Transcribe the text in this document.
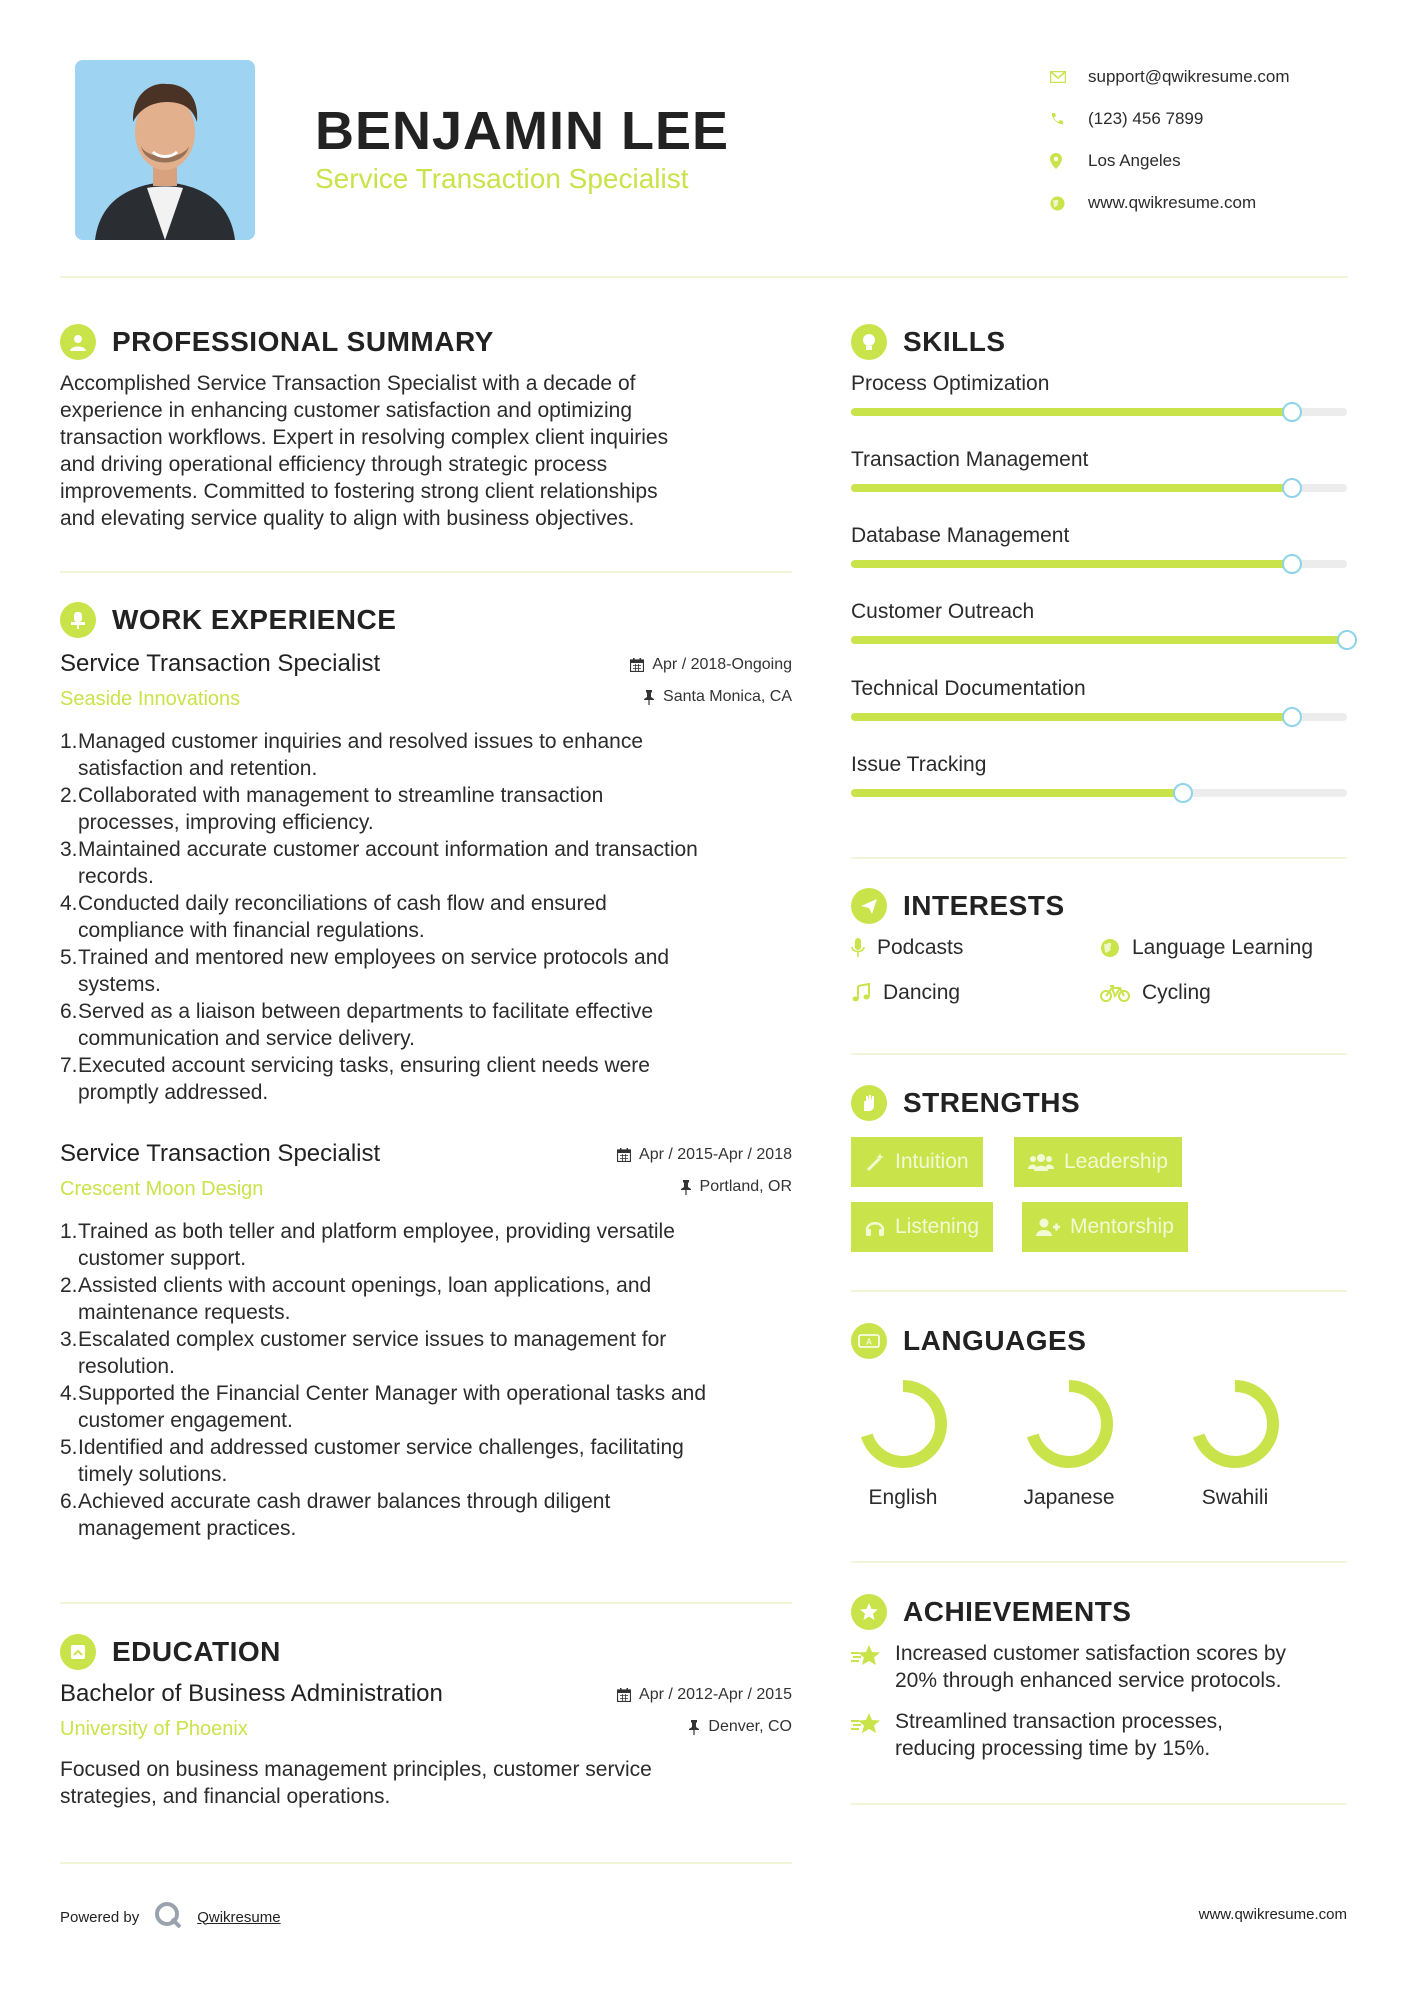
BENJAMIN LEE
Service Transaction Specialist
support@qwikresume.com
(123) 456 7899
Los Angeles
www.qwikresume.com
PROFESSIONAL SUMMARY
Accomplished Service Transaction Specialist with a decade of
experience in enhancing customer satisfaction and optimizing
transaction workflows. Expert in resolving complex client inquiries
and driving operational efficiency through strategic process
improvements. Committed to fostering strong client relationships
and elevating service quality to align with business objectives.
WORK EXPERIENCE
Service Transaction Specialist
Seaside Innovations
Apr / 2018-Ongoing
Santa Monica, CA
1. Managed customer inquiries and resolved issues to enhance
satisfaction and retention.
2. Collaborated with management to streamline transaction
processes, improving efficiency.
3. Maintained accurate customer account information and transaction
records.
4. Conducted daily reconciliations of cash flow and ensured
compliance with financial regulations.
5. Trained and mentored new employees on service protocols and
systems.
6. Served as a liaison between departments to facilitate effective
communication and service delivery.
7. Executed account servicing tasks, ensuring client needs were
promptly addressed.
Service Transaction Specialist
Crescent Moon Design
Apr / 2015-Apr / 2018
Portland, OR
1. Trained as both teller and platform employee, providing versatile
customer support.
2. Assisted clients with account openings, loan applications, and
maintenance requests.
3. Escalated complex customer service issues to management for
resolution.
4. Supported the Financial Center Manager with operational tasks and
customer engagement.
5. Identified and addressed customer service challenges, facilitating
timely solutions.
6. Achieved accurate cash drawer balances through diligent
management practices.
EDUCATION
Bachelor of Business Administration
University of Phoenix
Apr / 2012-Apr / 2015
Denver, CO
Focused on business management principles, customer service
strategies, and financial operations.
SKILLS
Process Optimization
Transaction Management
Database Management
Customer Outreach
Technical Documentation
Issue Tracking
INTERESTS
Podcasts	Language Learning
Dancing	Cycling
STRENGTHS
Intuition	Leadership
Listening	Mentorship
A LANGUAGES
English	Japanese	Swahili
ACHIEVEMENTS
Increased customer satisfaction scores by
20% through enhanced service protocols.
Streamlined transaction processes,
reducing processing time by 15%.
Powered by	Qwikresume	www.qwikresume.com
